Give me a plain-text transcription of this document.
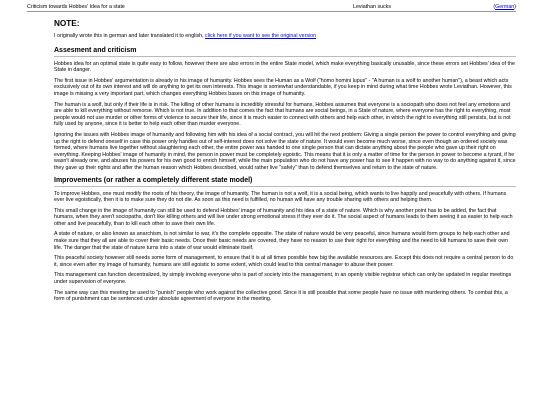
Criticism towards Hobbes' Idea for a state	Leviathan sucks	(German)
NOTE:

I originally wrote this in german and later translated it to english, click here if you want to see the original version

Assesment and criticism

Hobbes idea for an optimal state is quite easy to follow, however there are also errors in the entire State model, which make everything basically unusable, since these errors set Hobbes' idea of the State in danger.

The first issue in Hobbes' argumentation is already in his image of humanity. Hobbes sees the Human as a Wolf ("homo homini lupus" - "A human is a wolf to another human"), a beast which acts exclusively out of its own interest and will do anything to get its own interests. This image is somewhat understandable, if you keep in mind during what time Hobbes wrote Leviathan. However, this image is missing a very important part, which changes everything Hobbes bases on this image of humanity.

The human is a wolf, but only if their life is in risk. The killing of other humans is incredibly stressful for humans, Hobbes assumes that everyone is a sociopath who does not feel any emotions and are able to kill everything without remorse. Which is not true. In addition to that comes the fact that humans are social beings, in a State of nature, where everyone has the right to everything, most people would not use murder or other forms of violence to secure their life, since it is much easier to connect with others and help each other, in which the right to everything still persists, but is not fully used by anyone, since it is better to help each other than murder everyone.

Ignoring the issues with Hobbes image of humanity and following him with his idea of a social contract, you will hit the next problem: Giving a single person the power to control everything and giving up the right to defend oneself in case this power only handles out of self-interest does not solve the state of nature. It would even become much worse, since even though an ordered society was formed, where humans live together without slaughtering each other, the entire power was handed to one single person that can dictate anything about the people who gave up their right on everything. Keeping Hobbes' image of humanity in mind, the person in power must be completely egoistic. This means that it is only a matter of time for the person in power to become a tyrant, if he wasn't already one, and abuses his powers for his own good to enrich himself, while the main population who do not have any power has to see it happen with no way to do anything against it, since they gave up their rights and after the human reason which Hobbes described, would rather live "safely" than to defend themselves and return to the state of nature.

Improvements (or rather a completely different state model)

To improve Hobbes, one must modify the roots of his theory, the image of humanity. The human is not a wolf, it is a social being, which wants to live happily and peacefully with others. If humans ever live egoistically, then it is to make sure they do not die. As soon as this need is fulfilled, no human will have any trouble sharing with others and helping them.

This small change in the image of humanity can still be used to defend Hobbes' image of humanity and his idea of a state of nature. Which is why another point has to be added, the fact that humans, when they aren't sociopaths, don't like killing others and will live under strong emotional stress if they ever do it. The social aspect of humans leads to them seeing it as easier to help each other and live peacefully, than to kill each other to save their own life.

A state of nature, or also known as anarchism, is not similar to war, it's the complete opposite. The state of nature would be very peaceful, since humans would form groups to help each other and make sure that they all are able to cover their basic needs. Once their basic needs are covered, they have no reason to use their right for everything and the need to kill humans to save their own life. The danger that the state of nature turns into a state of war would eliminate itself.

This peaceful society however still needs some form of management, to ensure that it is at all times possible how big the available resources are. Except this does not require a central person to do it, since even after my image of humanity, humans are still egoistic to some extent, which could lead to this central manager to abuse their power.

This management can function decentralized, by simply involving everyone who is part of society into the management, in an openly visible registrar which can only be updated in regular meetings under supervision of everyone.

The same way can this meeting be used to "punish" people who work against the collective good. Since it is still possible that some people have no issue with murdering others. To combat this, a form of punishment can be sentenced under absolute agreement of everyone in the meeting.
